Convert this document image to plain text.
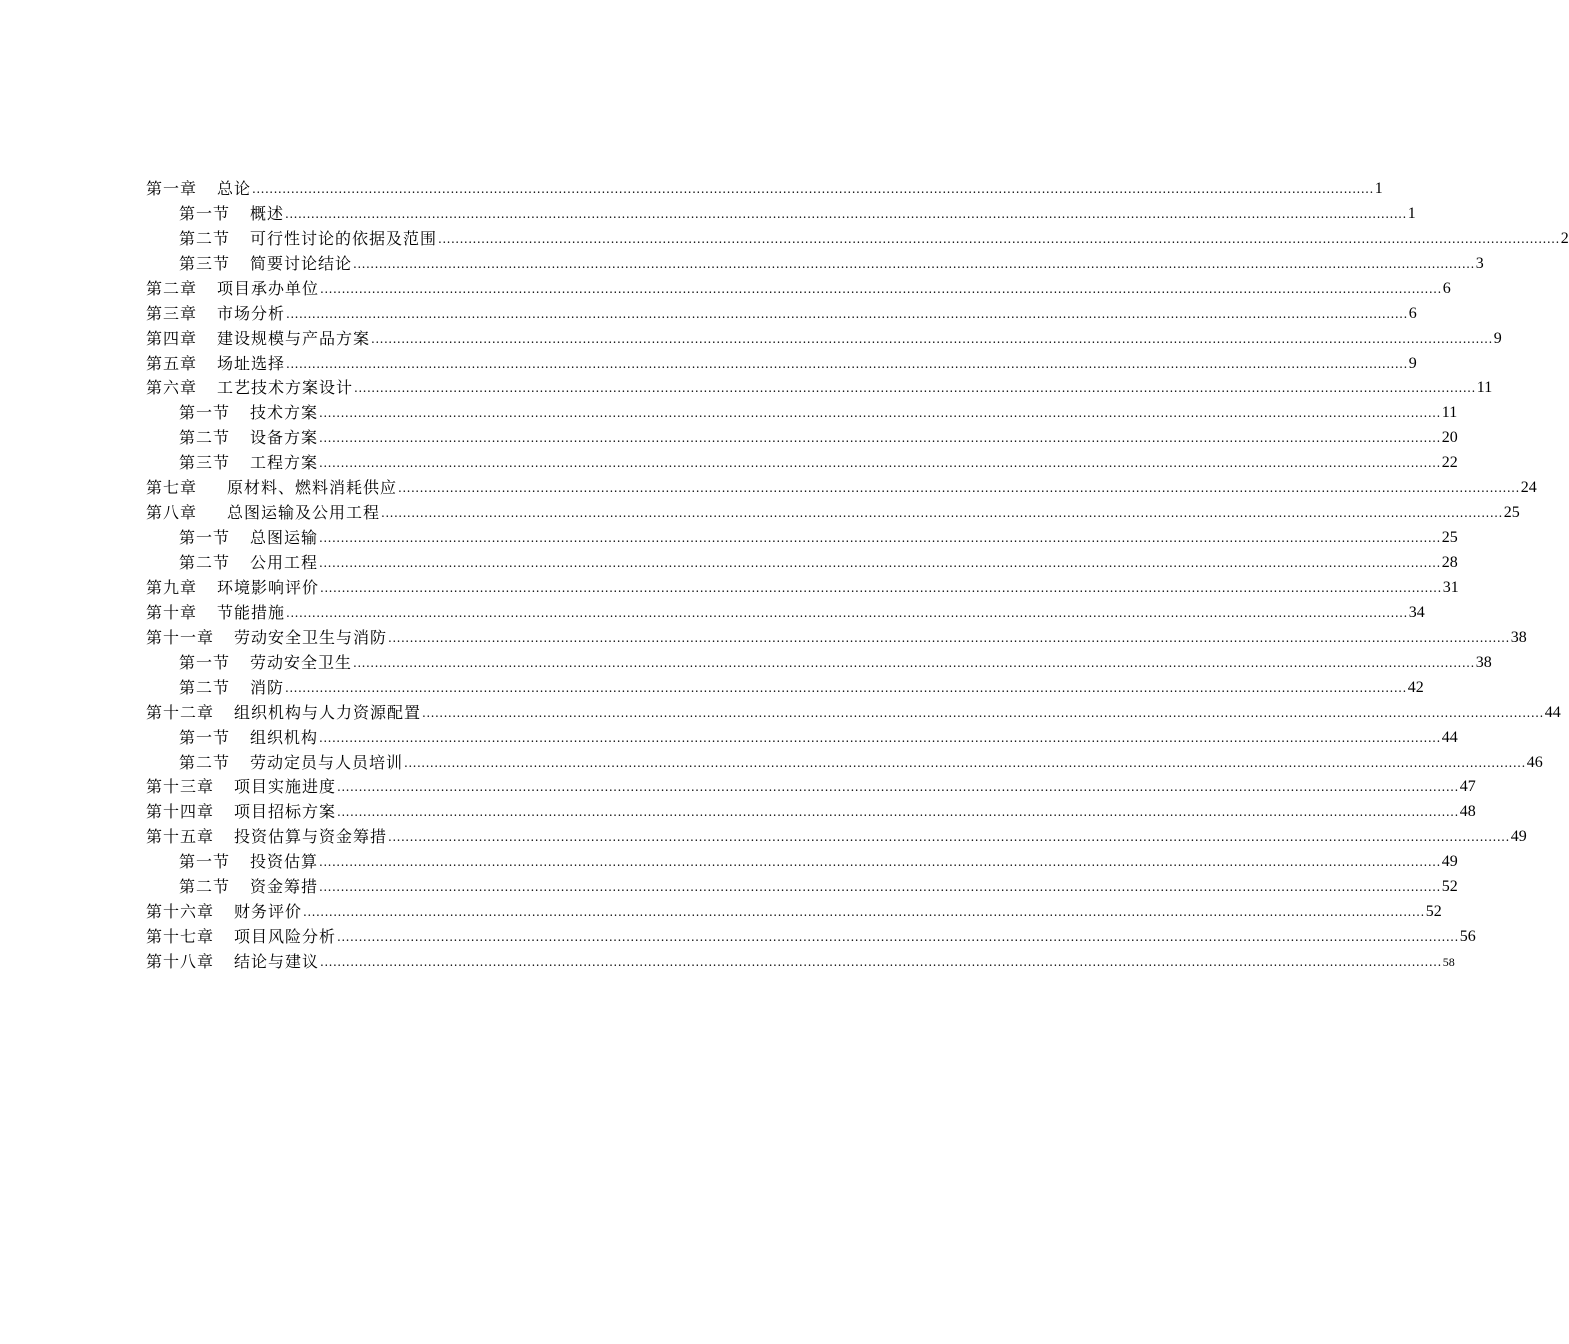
第一章 总论 .................................................................................................................................................................................................................................................................... 1
第一节 概述 .................................................................................................................................................................................................................................................................... 1
第二节 可行性讨论的依据及范围 .................................................................................................................................................................................................................................................................... 2
第三节 简要讨论结论 .................................................................................................................................................................................................................................................................... 3
第二章 项目承办单位 .................................................................................................................................................................................................................................................................... 6
第三章 市场分析 .................................................................................................................................................................................................................................................................... 6
第四章 建设规模与产品方案 .................................................................................................................................................................................................................................................................... 9
第五章 场址选择 .................................................................................................................................................................................................................................................................... 9
第六章 工艺技术方案设计 .................................................................................................................................................................................................................................................................... 11
第一节 技术方案 .................................................................................................................................................................................................................................................................... 11
第二节 设备方案 .................................................................................................................................................................................................................................................................... 20
第三节 工程方案 .................................................................................................................................................................................................................................................................... 22
第七章 原材料、燃料消耗供应 .................................................................................................................................................................................................................................................................... 24
第八章 总图运输及公用工程 .................................................................................................................................................................................................................................................................... 25
第一节 总图运输 .................................................................................................................................................................................................................................................................... 25
第二节 公用工程 .................................................................................................................................................................................................................................................................... 28
第九章 环境影响评价 .................................................................................................................................................................................................................................................................... 31
第十章 节能措施 .................................................................................................................................................................................................................................................................... 34
第十一章 劳动安全卫生与消防 .................................................................................................................................................................................................................................................................... 38
第一节 劳动安全卫生 .................................................................................................................................................................................................................................................................... 38
第二节 消防 .................................................................................................................................................................................................................................................................... 42
第十二章 组织机构与人力资源配置 .................................................................................................................................................................................................................................................................... 44
第一节 组织机构 .................................................................................................................................................................................................................................................................... 44
第二节 劳动定员与人员培训 .................................................................................................................................................................................................................................................................... 46
第十三章 项目实施进度 .................................................................................................................................................................................................................................................................... 47
第十四章 项目招标方案 .................................................................................................................................................................................................................................................................... 48
第十五章 投资估算与资金筹措 .................................................................................................................................................................................................................................................................... 49
第一节 投资估算 .................................................................................................................................................................................................................................................................... 49
第二节 资金筹措 .................................................................................................................................................................................................................................................................... 52
第十六章 财务评价 .................................................................................................................................................................................................................................................................... 52
第十七章 项目风险分析 .................................................................................................................................................................................................................................................................... 56
第十八章 结论与建议 .................................................................................................................................................................................................................................................................... 58
